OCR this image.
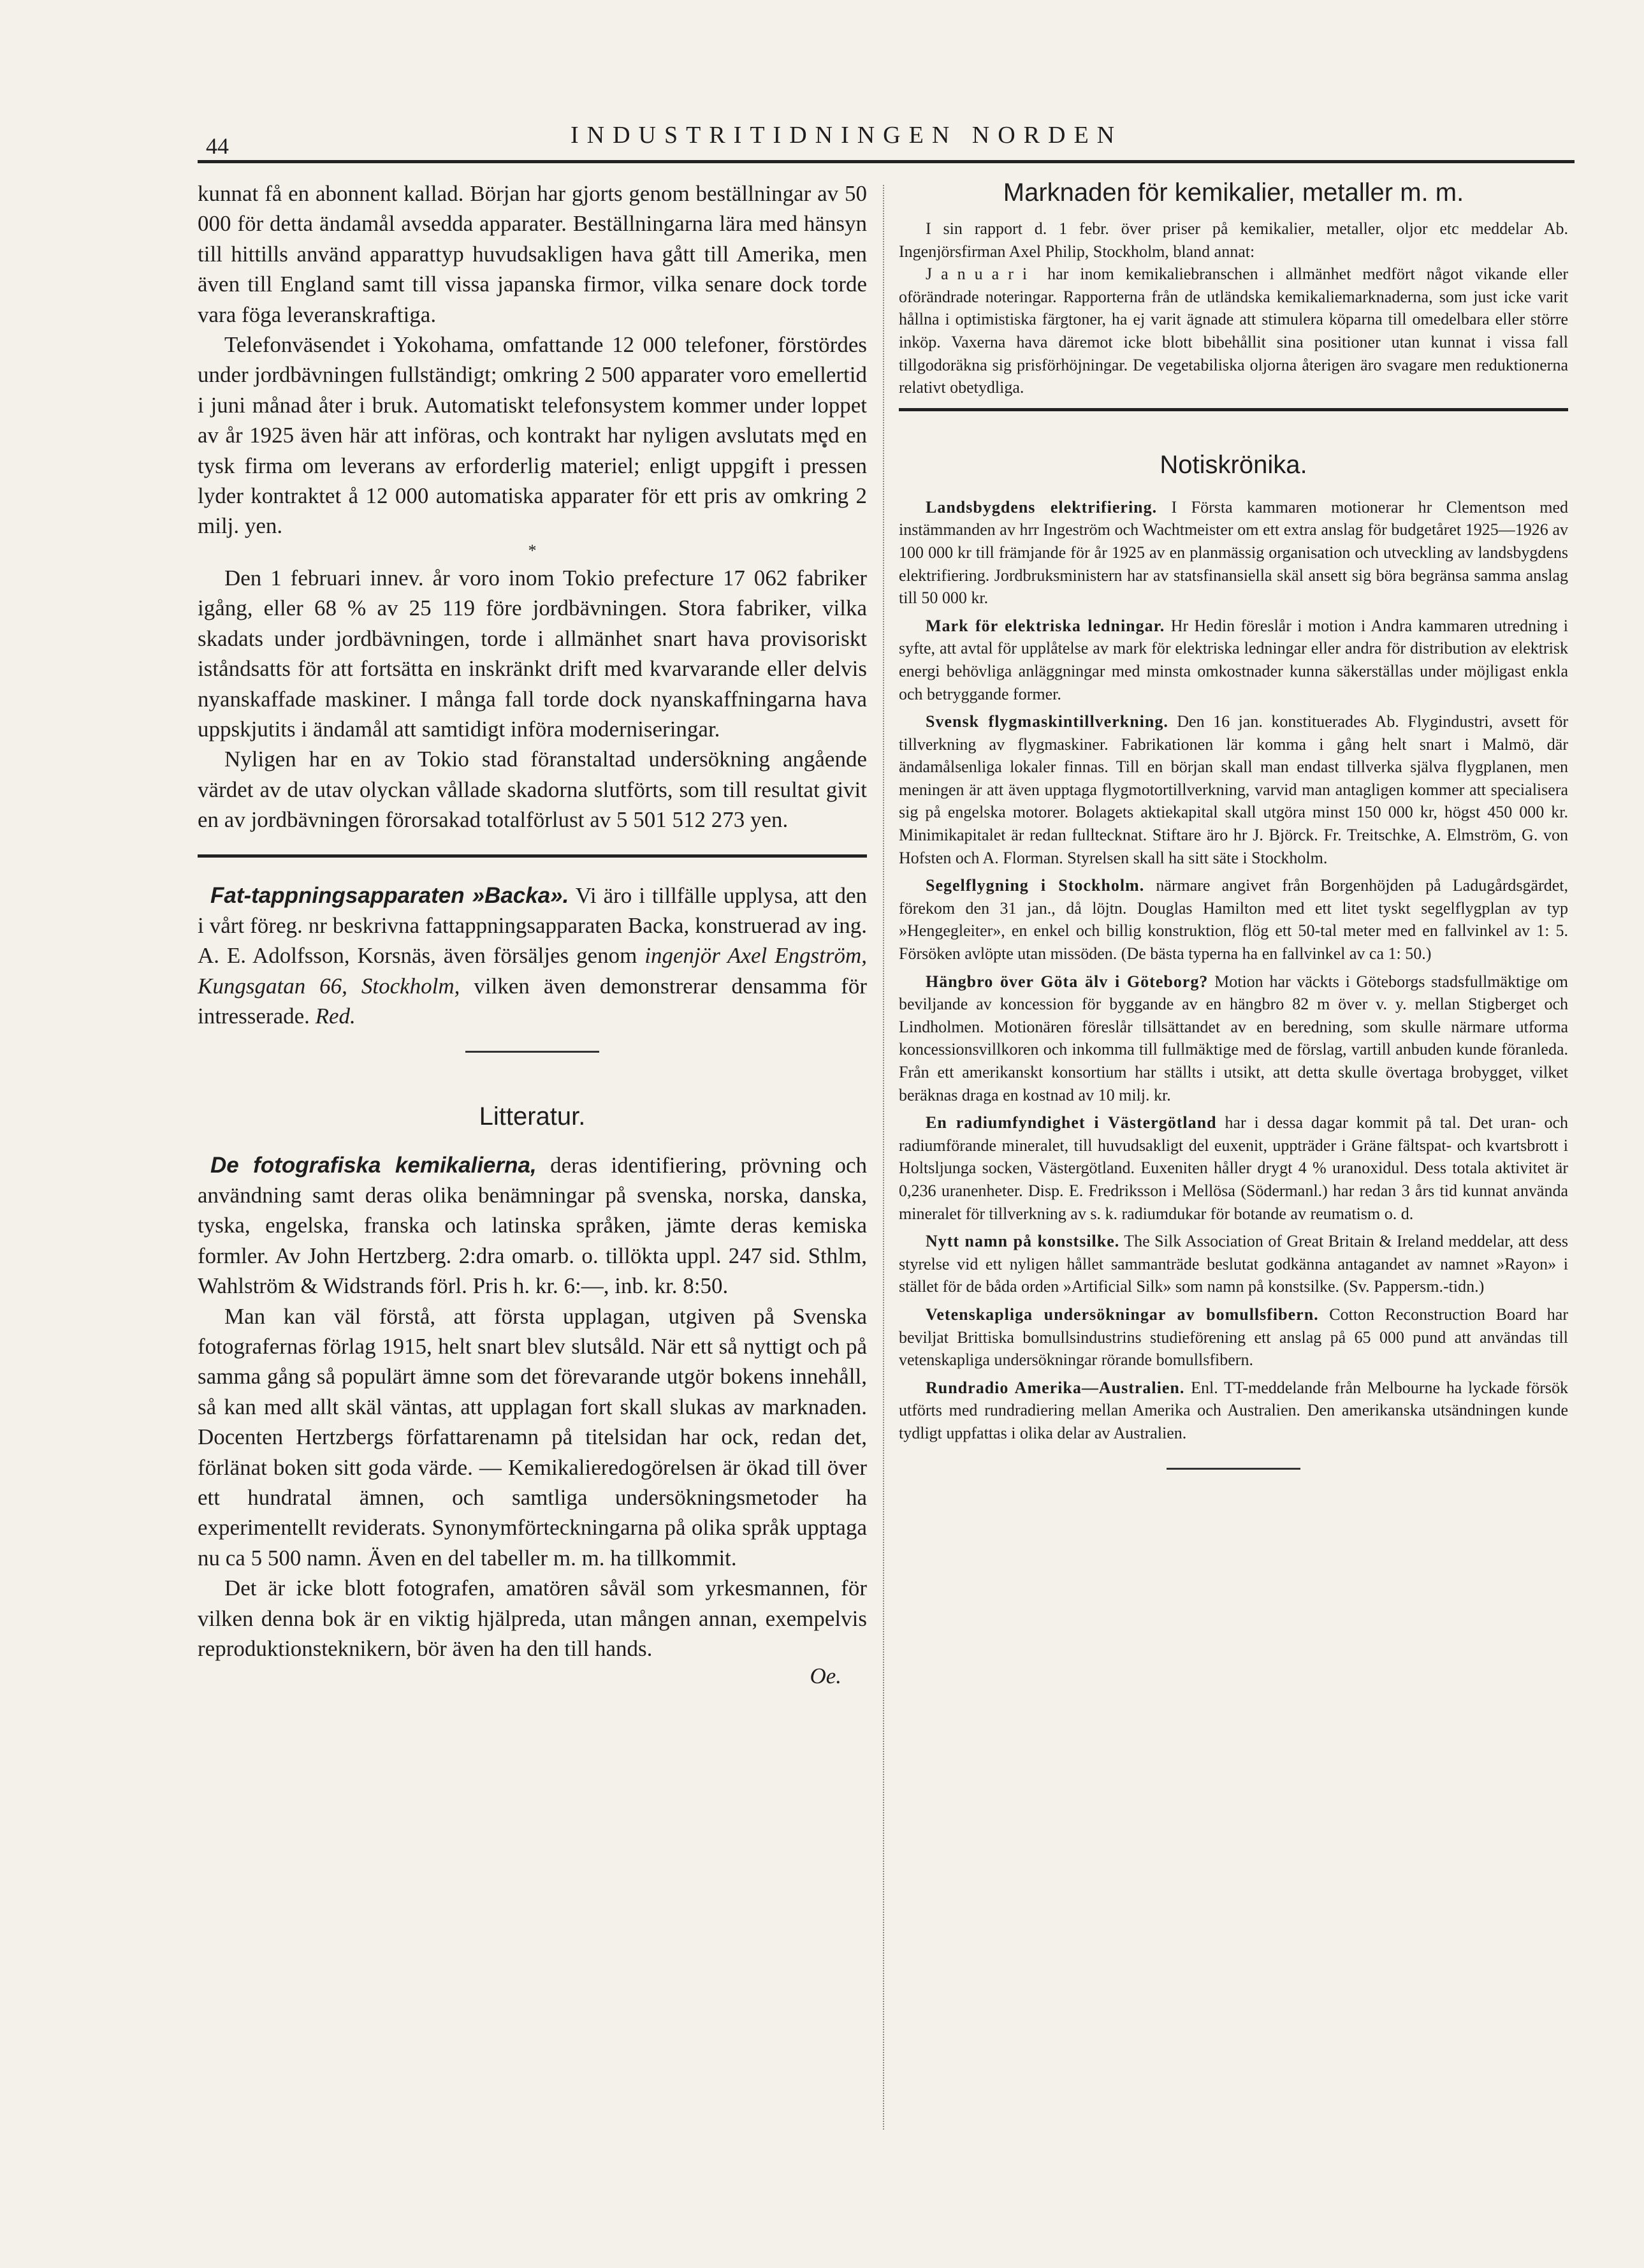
44	INDUSTRITIDNINGEN NORDEN

kunnat få en abonnent kallad. Början har gjorts genom beställningar av 50 000 för detta ändamål avsedda apparater. Beställningarna lära med hänsyn till hittills använd apparattyp huvudsakligen hava gått till Amerika, men även till England samt till vissa japanska firmor, vilka senare dock torde vara föga leveranskraftiga.

Telefonväsendet i Yokohama, omfattande 12 000 telefoner, förstördes under jordbävningen fullständigt; omkring 2 500 apparater voro emellertid i juni månad åter i bruk. Automatiskt telefonsystem kommer under loppet av år 1925 även här att införas, och kontrakt har nyligen avslutats med en tysk firma om leverans av erforderlig materiel; enligt uppgift i pressen lyder kontraktet å 12 000 automatiska apparater för ett pris av omkring 2 milj. yen.

*

Den 1 februari innev. år voro inom Tokio prefecture 17 062 fabriker igång, eller 68 % av 25 119 före jordbävningen. Stora fabriker, vilka skadats under jordbävningen, torde i allmänhet snart hava provisoriskt iståndsatts för att fortsätta en inskränkt drift med kvarvarande eller delvis nyanskaffade maskiner. I många fall torde dock nyanskaffningarna hava uppskjutits i ändamål att samtidigt införa moderniseringar.

Nyligen har en av Tokio stad föranstaltad undersökning angående värdet av de utav olyckan vållade skadorna slutförts, som till resultat givit en av jordbävningen förorsakad totalförlust av 5 501 512 273 yen.

Fat-tappningsapparaten »Backa». Vi äro i tillfälle upplysa, att den i vårt föreg. nr beskrivna fattappningsapparaten Backa, konstruerad av ing. A. E. Adolfsson, Korsnäs, även försäljes genom ingenjör Axel Engström, Kungsgatan 66, Stockholm, vilken även demonstrerar densamma för intresserade. Red.

Litteratur.

De fotografiska kemikalierna, deras identifiering, prövning och användning samt deras olika benämningar på svenska, norska, danska, tyska, engelska, franska och latinska språken, jämte deras kemiska formler. Av John Hertzberg. 2:dra omarb. o. tillökta uppl. 247 sid. Sthlm, Wahlström & Widstrands förl. Pris h. kr. 6:—, inb. kr. 8:50.

Man kan väl förstå, att första upplagan, utgiven på Svenska fotografernas förlag 1915, helt snart blev slutsåld. När ett så nyttigt och på samma gång så populärt ämne som det förevarande utgör bokens innehåll, så kan med allt skäl väntas, att upplagan fort skall slukas av marknaden. Docenten Hertzbergs författarenamn på titelsidan har ock, redan det, förlänat boken sitt goda värde. — Kemikalieredogörelsen är ökad till över ett hundratal ämnen, och samtliga undersökningsmetoder ha experimentellt reviderats. Synonymförteckningarna på olika språk upptaga nu ca 5 500 namn. Även en del tabeller m. m. ha tillkommit.

Det är icke blott fotografen, amatören såväl som yrkesmannen, för vilken denna bok är en viktig hjälpreda, utan mången annan, exempelvis reproduktionsteknikern, bör även ha den till hands.

Oe.

Marknaden för kemikalier, metaller m. m.

I sin rapport d. 1 febr. över priser på kemikalier, metaller, oljor etc meddelar Ab. Ingenjörsfirman Axel Philip, Stockholm, bland annat:

Januari har inom kemikaliebranschen i allmänhet medfört något vikande eller oförändrade noteringar. Rapporterna från de utländska kemikaliemarknaderna, som just icke varit hållna i optimistiska färgtoner, ha ej varit ägnade att stimulera köparna till omedelbara eller större inköp. Vaxerna hava däremot icke blott bibehållit sina positioner utan kunnat i vissa fall tillgodoräkna sig prisförhöjningar. De vegetabiliska oljorna återigen äro svagare men reduktionerna relativt obetydliga.

Notiskrönika.

Landsbygdens elektrifiering. I Första kammaren motionerar hr Clementson med instämmanden av hrr Ingeström och Wachtmeister om ett extra anslag för budgetåret 1925—1926 av 100 000 kr till främjande för år 1925 av en planmässig organisation och utveckling av landsbygdens elektrifiering. Jordbruksministern har av statsfinansiella skäl ansett sig böra begränsa samma anslag till 50 000 kr.

Mark för elektriska ledningar. Hr Hedin föreslår i motion i Andra kammaren utredning i syfte, att avtal för upplåtelse av mark för elektriska ledningar eller andra för distribution av elektrisk energi behövliga anläggningar med minsta omkostnader kunna säkerställas under möjligast enkla och betryggande former.

Svensk flygmaskintillverkning. Den 16 jan. konstituerades Ab. Flygindustri, avsett för tillverkning av flygmaskiner. Fabrikationen lär komma i gång helt snart i Malmö, där ändamålsenliga lokaler finnas. Till en början skall man endast tillverka själva flygplanen, men meningen är att även upptaga flygmotortillverkning, varvid man antagligen kommer att specialisera sig på engelska motorer. Bolagets aktiekapital skall utgöra minst 150 000 kr, högst 450 000 kr. Minimikapitalet är redan fulltecknat. Stiftare äro hr J. Björck. Fr. Treitschke, A. Elmström, G. von Hofsten och A. Florman. Styrelsen skall ha sitt säte i Stockholm.

Segelflygning i Stockholm. närmare angivet från Borgenhöjden på Ladugårdsgärdet, förekom den 31 jan., då löjtn. Douglas Hamilton med ett litet tyskt segelflygplan av typ »Hengegleiter», en enkel och billig konstruktion, flög ett 50-tal meter med en fallvinkel av 1: 5. Försöken avlöpte utan missöden. (De bästa typerna ha en fallvinkel av ca 1: 50.)

Hängbro över Göta älv i Göteborg? Motion har väckts i Göteborgs stadsfullmäktige om beviljande av koncession för byggande av en hängbro 82 m över v. y. mellan Stigberget och Lindholmen. Motionären föreslår tillsättandet av en beredning, som skulle närmare utforma koncessionsvillkoren och inkomma till fullmäktige med de förslag, vartill anbuden kunde föranleda. Från ett amerikanskt konsortium har ställts i utsikt, att detta skulle övertaga brobygget, vilket beräknas draga en kostnad av 10 milj. kr.

En radiumfyndighet i Västergötland har i dessa dagar kommit på tal. Det uran- och radiumförande mineralet, till huvudsakligt del euxenit, uppträder i Gräne fältspat- och kvartsbrott i Holtsljunga socken, Västergötland. Euxeniten håller drygt 4 % uranoxidul. Dess totala aktivitet är 0,236 uranenheter. Disp. E. Fredriksson i Mellösa (Södermanl.) har redan 3 års tid kunnat använda mineralet för tillverkning av s. k. radiumdukar för botande av reumatism o. d.

Nytt namn på konstsilke. The Silk Association of Great Britain & Ireland meddelar, att dess styrelse vid ett nyligen hållet sammanträde beslutat godkänna antagandet av namnet »Rayon» i stället för de båda orden »Artificial Silk» som namn på konstsilke. (Sv. Pappersm.-tidn.)

Vetenskapliga undersökningar av bomullsfibern. Cotton Reconstruction Board har beviljat Brittiska bomullsindustrins studieförening ett anslag på 65 000 pund att användas till vetenskapliga undersökningar rörande bomullsfibern.

Rundradio Amerika—Australien. Enl. TT-meddelande från Melbourne ha lyckade försök utförts med rundradiering mellan Amerika och Australien. Den amerikanska utsändningen kunde tydligt uppfattas i olika delar av Australien.
